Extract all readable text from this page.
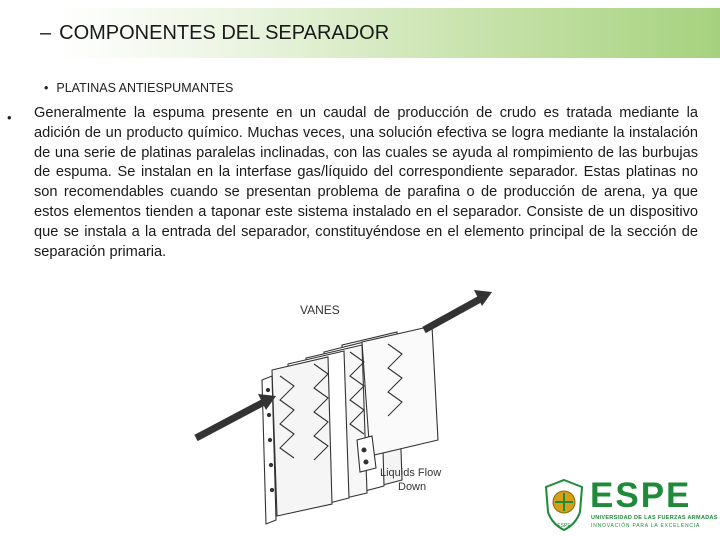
– COMPONENTES DEL SEPARADOR
• PLATINAS ANTIESPUMANTES
• Generalmente la espuma presente en un caudal de producción de crudo es tratada mediante la adición de un producto químico. Muchas veces, una solución efectiva se logra mediante la instalación de una serie de platinas paralelas inclinadas, con las cuales se ayuda al rompimiento de las burbujas de espuma. Se instalan en la interfase gas/líquido del correspondiente separador. Estas platinas no son recomendables cuando se presentan problema de parafina o de producción de arena, ya que estos elementos tienden a taponar este sistema instalado en el separador. Consiste de un dispositivo que se instala a la entrada del separador, constituyéndose en el elemento principal de la sección de separación primaria.

VANES
Liquids Flow
Down
ESPE
ESPE
UNIVERSIDAD DE LAS FUERZAS ARMADAS
INNOVACIÓN PARA LA EXCELENCIA
